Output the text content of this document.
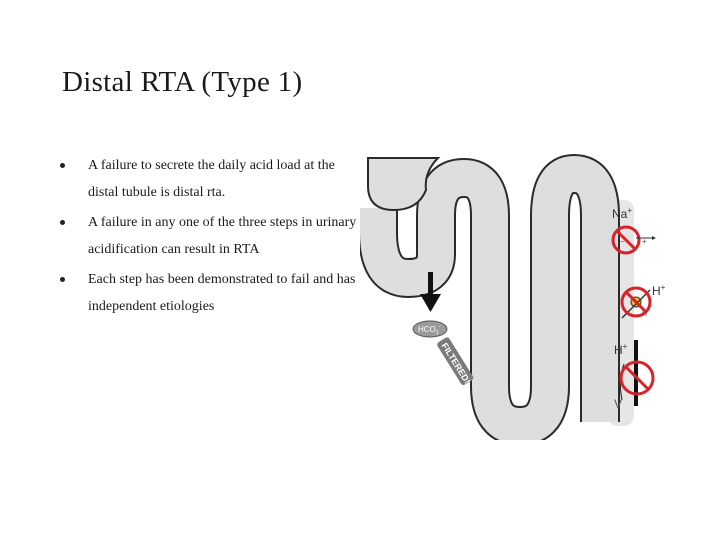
Distal RTA (Type 1)
A failure to secrete the daily acid load at the distal tubule is distal rta.
A failure in any one of the three steps in urinary acidification can result in RTA
Each step has been demonstrated to fail and has independent etiologies
$HCO_3^-$
FILTERED!
Na+
− +
H+
H
H+
V
